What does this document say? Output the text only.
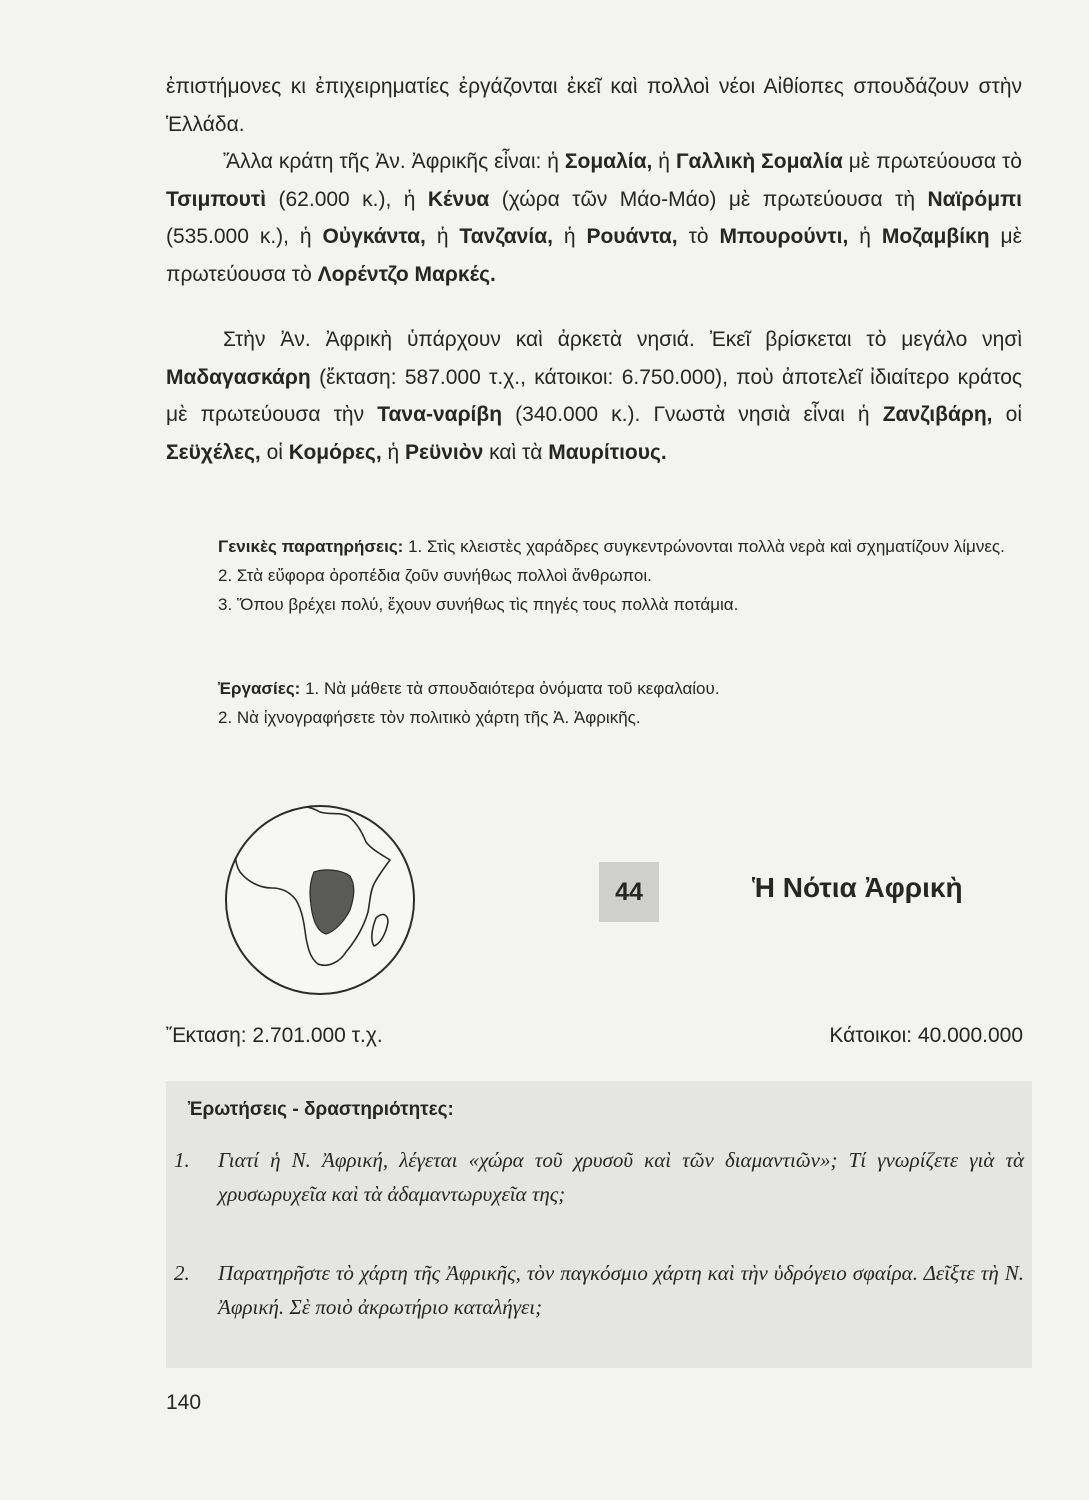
ἐπιστήμονες κι ἐπιχειρηματίες ἐργάζονται ἐκεῖ καὶ πολλοὶ νέοι Αἰθίοπες σπουδάζουν στὴν Ἑλλάδα.

Ἄλλα κράτη τῆς Ἀν. Ἀφρικῆς εἶναι: ἡ Σομαλία, ἡ Γαλλικὴ Σομαλία μὲ πρωτεύουσα τὸ Τσιμπουτὶ (62.000 κ.), ἡ Κένυα (χώρα τῶν Μάο-Μάο) μὲ πρωτεύουσα τὴ Ναϊρόμπι (535.000 κ.), ἡ Οὐγκάντα, ἡ Τανζανία, ἡ Ρουάντα, τὸ Μπουρούντι, ἡ Μοζαμβίκη μὲ πρωτεύουσα τὸ Λορέντζο Μαρκές.

Στὴν Ἀν. Ἀφρικὴ ὑπάρχουν καὶ ἀρκετὰ νησιά. Ἐκεῖ βρίσκεται τὸ μεγάλο νησὶ Μαδαγασκάρη (ἔκταση: 587.000 τ.χ., κάτοικοι: 6.750.000), ποὺ ἀποτελεῖ ἰδιαίτερο κράτος μὲ πρωτεύουσα τὴν Τανα-ναρίβη (340.000 κ.). Γνωστὰ νησιὰ εἶναι ἡ Ζανζιβάρη, οἱ Σεϋχέλες, οἱ Κομόρες, ἡ Ρεϋνιὸν καὶ τὰ Μαυρίτιους.

Γενικὲς παρατηρήσεις: 1. Στὶς κλειστὲς χαράδρες συγκεντρώνονται πολλὰ νερὰ καὶ σχηματίζουν λίμνες.
2. Στὰ εὔφορα ὀροπέδια ζοῦν συνήθως πολλοὶ ἄνθρωποι.
3. Ὅπου βρέχει πολύ, ἔχουν συνήθως τὶς πηγές τους πολλὰ ποτάμια.
Ἐργασίες: 1. Νὰ μάθετε τὰ σπουδαιότερα ὀνόματα τοῦ κεφαλαίου.
2. Νὰ ἰχνογραφήσετε τὸν πολιτικὸ χάρτη τῆς Ἀ. Ἀφρικῆς.
44	Ἡ Νότια Ἀφρικὴ
Ἔκταση: 2.701.000 τ.χ.	Κάτοικοι: 40.000.000
Ἐρωτήσεις - δραστηριότητες:
1.	Γιατί ἡ Ν. Ἀφρική, λέγεται «χώρα τοῦ χρυσοῦ καὶ τῶν διαμαντιῶν»; Τί γνωρίζετε γιὰ τὰ χρυσωρυχεῖα καὶ τὰ ἀδαμαντωρυχεῖα της;
2.	Παρατηρῆστε τὸ χάρτη τῆς Ἀφρικῆς, τὸν παγκόσμιο χάρτη καὶ τὴν ὑδρόγειο σφαίρα. Δεῖξτε τὴ Ν. Ἀφρική. Σὲ ποιὸ ἀκρωτήριο καταλήγει;
140
